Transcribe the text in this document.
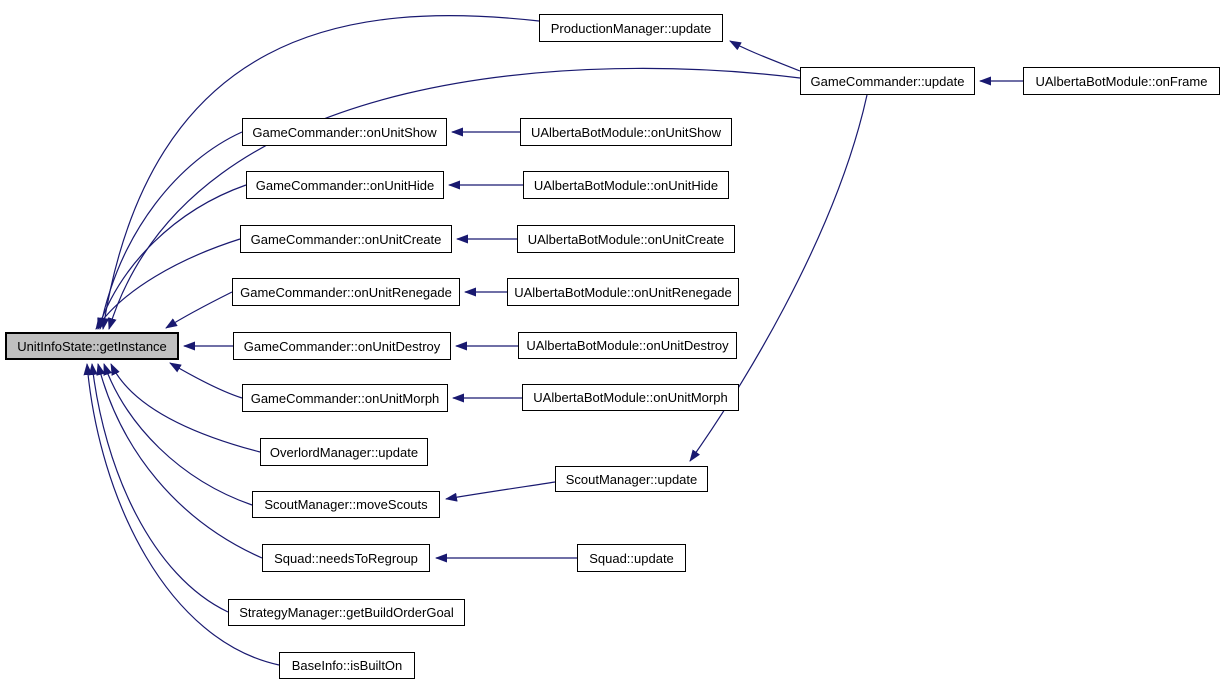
UnitInfoState::getInstance
ProductionManager::update
GameCommander::update	UAlbertaBotModule::onFrame
GameCommander::onUnitShow	UAlbertaBotModule::onUnitShow
GameCommander::onUnitHide	UAlbertaBotModule::onUnitHide
GameCommander::onUnitCreate	UAlbertaBotModule::onUnitCreate
GameCommander::onUnitRenegade	UAlbertaBotModule::onUnitRenegade
GameCommander::onUnitDestroy	UAlbertaBotModule::onUnitDestroy
GameCommander::onUnitMorph	UAlbertaBotModule::onUnitMorph
OverlordManager::update
ScoutManager::update
ScoutManager::moveScouts
Squad::needsToRegroup	Squad::update
StrategyManager::getBuildOrderGoal
BaseInfo::isBuiltOn
